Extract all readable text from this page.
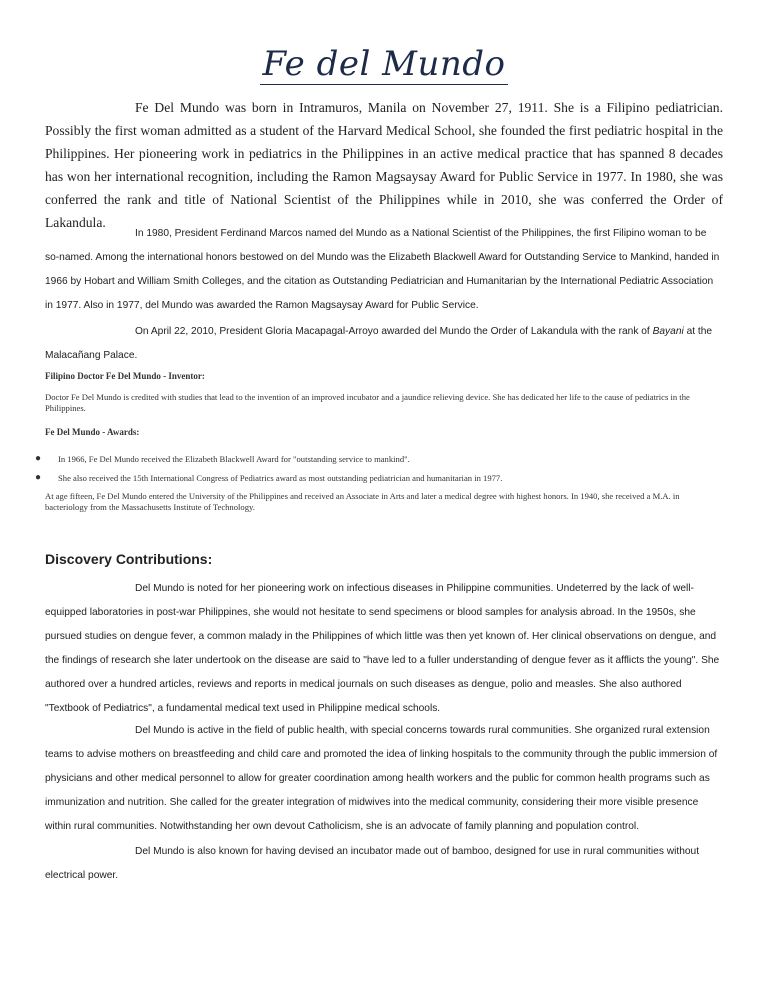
Fe del Mundo

Fe Del Mundo was born in Intramuros, Manila on November 27, 1911. She is a Filipino pediatrician. Possibly the first woman admitted as a student of the Harvard Medical School, she founded the first pediatric hospital in the Philippines. Her pioneering work in pediatrics in the Philippines in an active medical practice that has spanned 8 decades has won her international recognition, including the Ramon Magsaysay Award for Public Service in 1977. In 1980, she was conferred the rank and title of National Scientist of the Philippines while in 2010, she was conferred the Order of Lakandula.

In 1980, President Ferdinand Marcos named del Mundo as a National Scientist of the Philippines, the first Filipino woman to be so-named. Among the international honors bestowed on del Mundo was the Elizabeth Blackwell Award for Outstanding Service to Mankind, handed in 1966 by Hobart and William Smith Colleges, and the citation as Outstanding Pediatrician and Humanitarian by the International Pediatric Association in 1977. Also in 1977, del Mundo was awarded the Ramon Magsaysay Award for Public Service.

On April 22, 2010, President Gloria Macapagal-Arroyo awarded del Mundo the Order of Lakandula with the rank of Bayani at the Malacañang Palace.

Filipino Doctor Fe Del Mundo - Inventor:

Doctor Fe Del Mundo is credited with studies that lead to the invention of an improved incubator and a jaundice relieving device. She has dedicated her life to the cause of pediatrics in the Philippines.

Fe Del Mundo - Awards:
● In 1966, Fe Del Mundo received the Elizabeth Blackwell Award for "outstanding service to mankind".
● She also received the 15th International Congress of Pediatrics award as most outstanding pediatrician and humanitarian in 1977.

At age fifteen, Fe Del Mundo entered the University of the Philippines and received an Associate in Arts and later a medical degree with highest honors. In 1940, she received a M.A. in bacteriology from the Massachusetts Institute of Technology.

Discovery Contributions:

Del Mundo is noted for her pioneering work on infectious diseases in Philippine communities. Undeterred by the lack of well-equipped laboratories in post-war Philippines, she would not hesitate to send specimens or blood samples for analysis abroad. In the 1950s, she pursued studies on dengue fever, a common malady in the Philippines of which little was then yet known of. Her clinical observations on dengue, and the findings of research she later undertook on the disease are said to "have led to a fuller understanding of dengue fever as it afflicts the young". She authored over a hundred articles, reviews and reports in medical journals on such diseases as dengue, polio and measles. She also authored "Textbook of Pediatrics", a fundamental medical text used in Philippine medical schools.

Del Mundo is active in the field of public health, with special concerns towards rural communities. She organized rural extension teams to advise mothers on breastfeeding and child care and promoted the idea of linking hospitals to the community through the public immersion of physicians and other medical personnel to allow for greater coordination among health workers and the public for common health programs such as immunization and nutrition. She called for the greater integration of midwives into the medical community, considering their more visible presence within rural communities. Notwithstanding her own devout Catholicism, she is an advocate of family planning and population control.

Del Mundo is also known for having devised an incubator made out of bamboo, designed for use in rural communities without electrical power.
